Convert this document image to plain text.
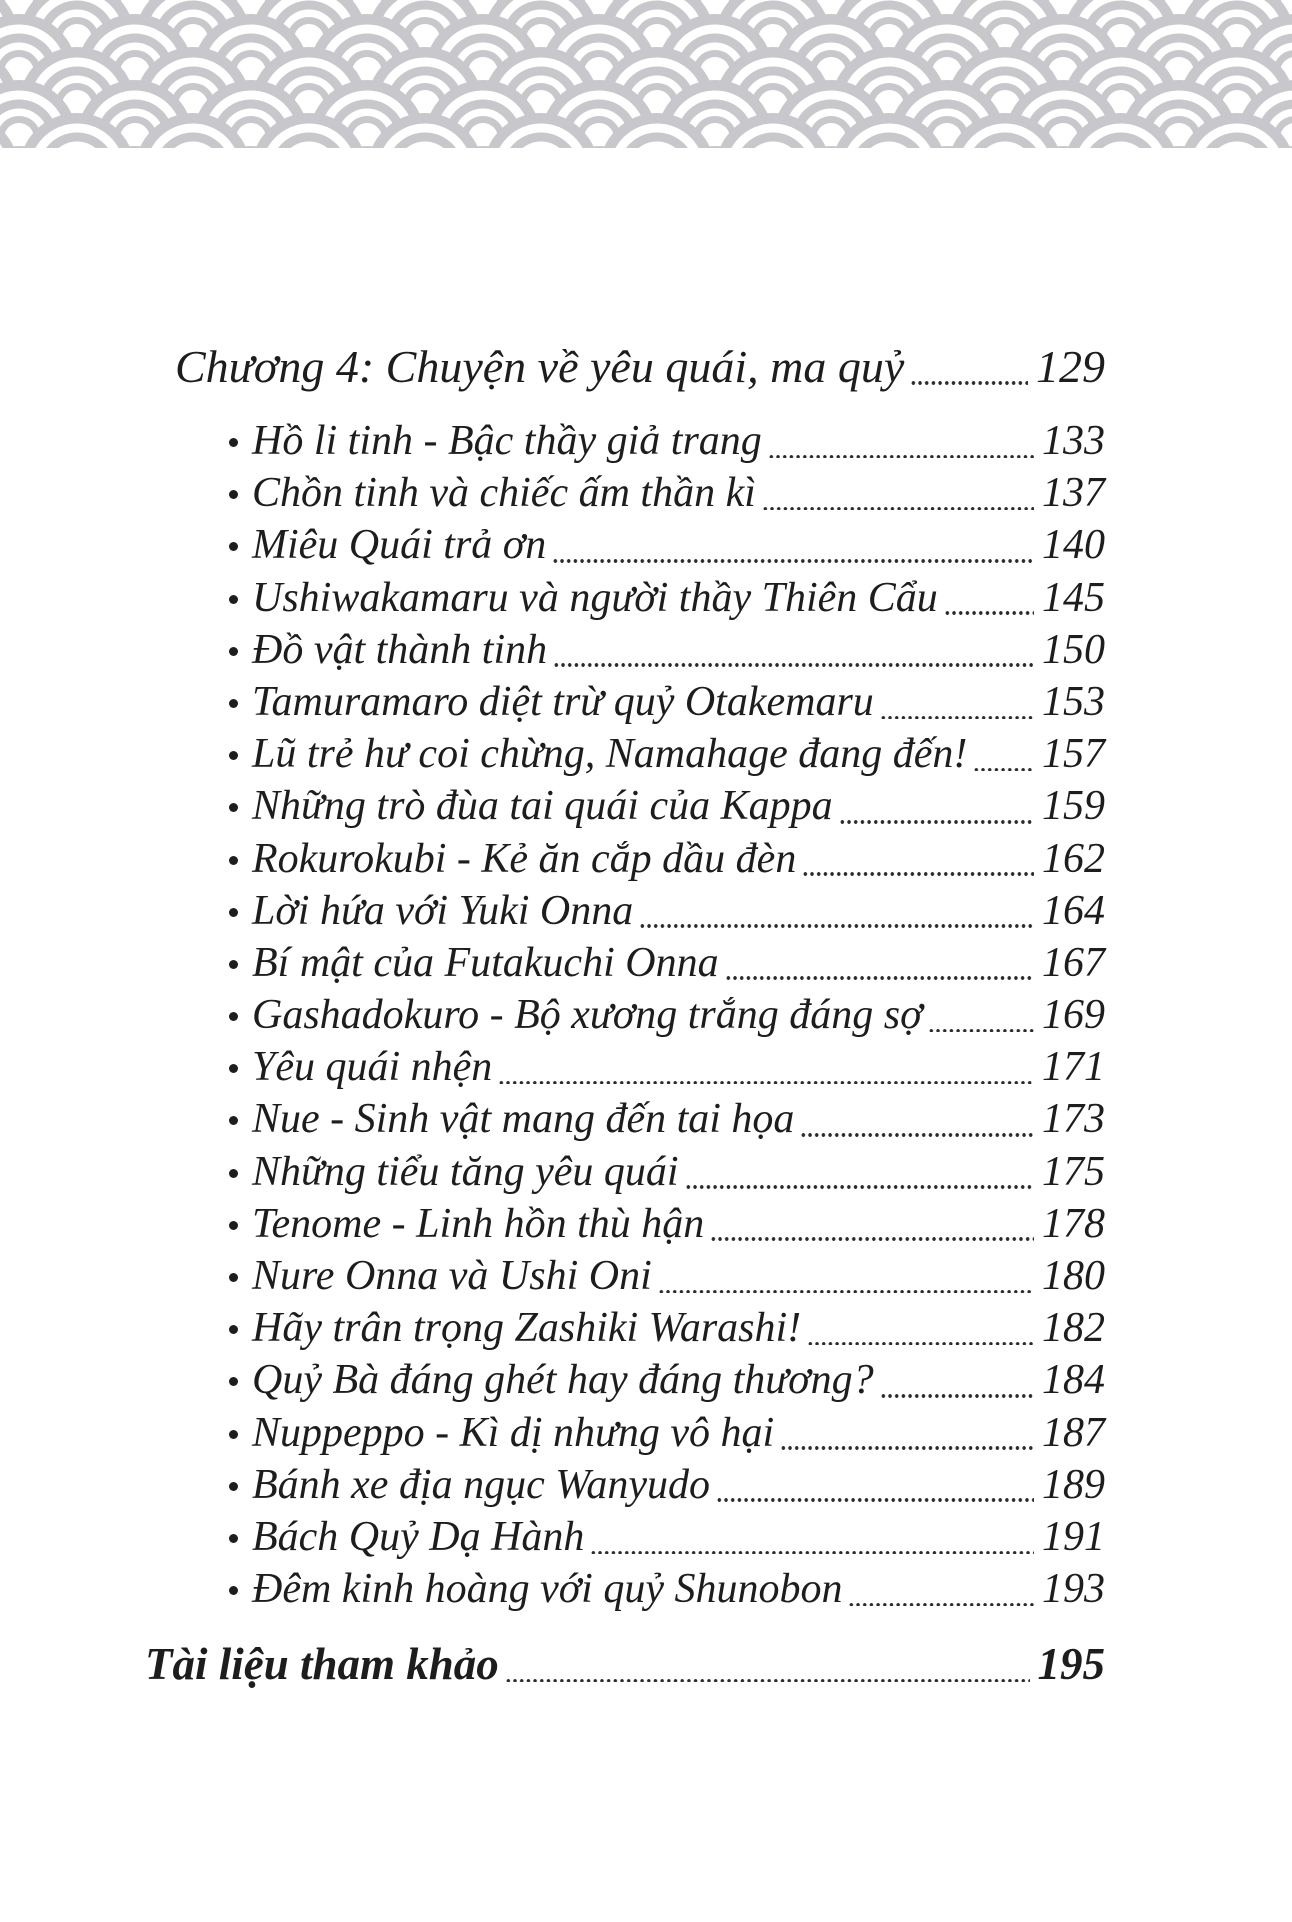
Chương 4: Chuyện về yêu quái, ma quỷ	129
Hồ li tinh - Bậc thầy giả trang	133
Chồn tinh và chiếc ấm thần kì	137
Miêu Quái trả ơn	140
Ushiwakamaru và người thầy Thiên Cẩu 145
Đồ vật thành tinh	150
Tamuramaro diệt trừ quỷ Otakemaru	153
Lũ trẻ hư coi chừng, Namahage đang đến! 157
Những trò đùa tai quái của Kappa	159
Rokurokubi - Kẻ ăn cắp dầu đèn	162
Lời hứa với Yuki Onna	164
Bí mật của Futakuchi Onna	167
Gashadokuro - Bộ xương trắng đáng sợ	169
Yêu quái nhện	171
Nue - Sinh vật mang đến tai họa	173
Những tiểu tăng yêu quái	175
Tenome - Linh hồn thù hận	178
Nure Onna và Ushi Oni	180
Hãy trân trọng Zashiki Warashi!	182
Quỷ Bà đáng ghét hay đáng thương?	184
Nuppeppo - Kì dị nhưng vô hại	187
Bánh xe địa ngục Wanyudo	189
Bách Quỷ Dạ Hành	191
Đêm kinh hoàng với quỷ Shunobon	193
Tài liệu tham khảo	195
